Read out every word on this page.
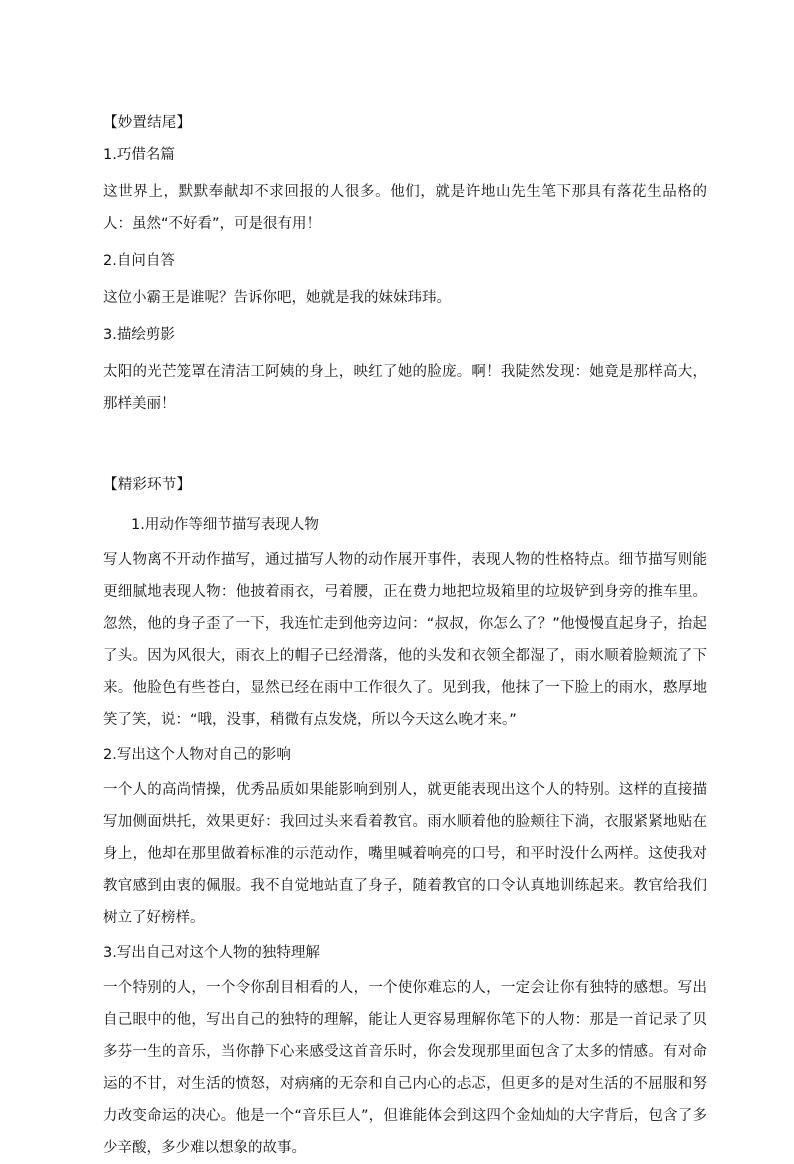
【妙置结尾】

1.巧借名篇

这世界上，默默奉献却不求回报的人很多。他们，就是许地山先生笔下那具有落花生品格的人：虽然“不好看”，可是很有用！

2.自问自答

这位小霸王是谁呢？告诉你吧，她就是我的妹妹玮玮。

3.描绘剪影

太阳的光芒笼罩在清洁工阿姨的身上，映红了她的脸庞。啊！我陡然发现：她竟是那样高大，那样美丽！

【精彩环节】

1.用动作等细节描写表现人物

写人物离不开动作描写，通过描写人物的动作展开事件，表现人物的性格特点。细节描写则能更细腻地表现人物：他披着雨衣，弓着腰，正在费力地把垃圾箱里的垃圾铲到身旁的推车里。忽然，他的身子歪了一下，我连忙走到他旁边问：“叔叔，你怎么了？”他慢慢直起身子，抬起了头。因为风很大，雨衣上的帽子已经滑落，他的头发和衣领全都湿了，雨水顺着脸颊流了下来。他脸色有些苍白，显然已经在雨中工作很久了。见到我，他抹了一下脸上的雨水，憨厚地笑了笑，说：“哦，没事，稍微有点发烧，所以今天这么晚才来。”

2.写出这个人物对自己的影响

一个人的高尚情操，优秀品质如果能影响到别人，就更能表现出这个人的特别。这样的直接描写加侧面烘托，效果更好：我回过头来看着教官。雨水顺着他的脸颊往下淌，衣服紧紧地贴在身上，他却在那里做着标准的示范动作，嘴里喊着响亮的口号，和平时没什么两样。这使我对教官感到由衷的佩服。我不自觉地站直了身子，随着教官的口令认真地训练起来。教官给我们树立了好榜样。

3.写出自己对这个人物的独特理解

一个特别的人，一个令你刮目相看的人，一个使你难忘的人，一定会让你有独特的感想。写出自己眼中的他，写出自己的独特的理解，能让人更容易理解你笔下的人物：那是一首记录了贝多芬一生的音乐，当你静下心来感受这首音乐时，你会发现那里面包含了太多的情感。有对命运的不甘，对生活的愤怒，对病痛的无奈和自己内心的忐忑，但更多的是对生活的不屈服和努力改变命运的决心。他是一个“音乐巨人”，但谁能体会到这四个金灿灿的大字背后，包含了多少辛酸，多少难以想象的故事。
